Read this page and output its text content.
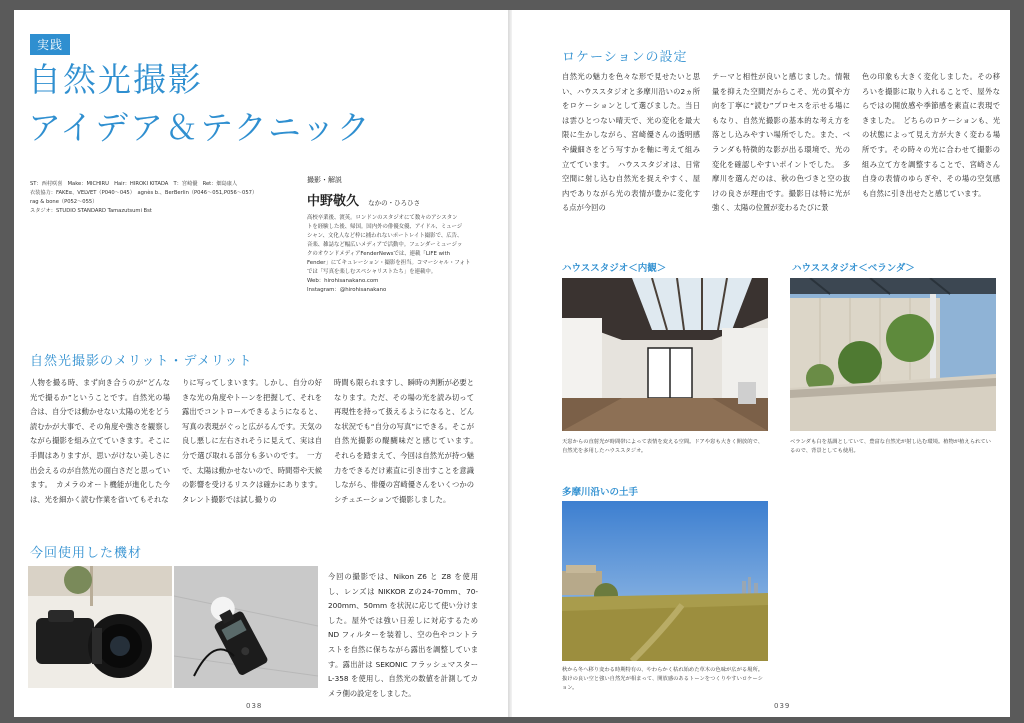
実践
自然光撮影
アイデア＆テクニック
ST：西村咲喜　Make：MICHIRU　Hair：HIROKI KITADA　T：宮崎優　Ret：畑島康人
衣装協力：FAKEα、VELVET（P040〜045）　agnès b.、BerBerlin（P046〜051,P056〜057）
rag & bone（P052〜055）
スタジオ：STUDIO STANDARD Tamazutsumi Bst
撮影・解説
中野敬久 なかの・ひろひさ
高校卒業後、渡英。ロンドンのスタジオにて数々のアシスタン
トを経験した後、帰国。国内外の俳優女優、アイドル、ミュージ
シャン、文化人など枠に捕われないポートレイト撮影で、広告、
音楽、雑誌など幅広いメディアで活動中。フェンダーミュージッ
クのオウンドメディアFenderNewsでは、連載「LIFE with
Fender」にてキュレーション・撮影を担当。コマーシャル・フォト
では「写真を楽しむスペシャリストたち」を連載中。
Web：hirohisanakano.com
Instagram：@hirohisanakano
自然光撮影のメリット・デメリット
人物を撮る時、まず向き合うのが“どんな光で撮るか”ということです。自然光の場合は、自分では動かせない太陽の光をどう読むかが大事で、その角度や強さを観察しながら撮影を組み立てていきます。そこに手間はありますが、思いがけない美しさに出会えるのが自然光の面白さだと思っています。　カメラのオート機能が進化した今は、光を細かく読む作業を省いてもそれな
りに写ってしまいます。しかし、自分の好きな光の角度やトーンを把握して、それを露出でコントロールできるようになると、写真の表現がぐっと広がるんです。天気の良し悪しに左右されそうに見えて、実は自分で選び取れる部分も多いのです。　一方で、太陽は動かせないので、時間帯や天候の影響を受けるリスクは確かにあります。タレント撮影では試し撮りの
時間も限られますし、瞬時の判断が必要となります。ただ、その場の光を読み切って再現性を持って扱えるようになると、どんな状況でも“自分の写真”にできる。そこが自然光撮影の醍醐味だと感じています。　それらを踏まえて、今回は自然光が持つ魅力をできるだけ素直に引き出すことを意識しながら、俳優の宮崎優さんをいくつかのシチュエーションで撮影しました。
今回使用した機材
今回の撮影では、Nikon Z6 と Z8 を使用し、レンズは NIKKOR Zの24-70mm、70-200mm、50mm を状況に応じて使い分けました。屋外では強い日差しに対応するため ND フィルターを装着し、空の色やコントラストを自然に保ちながら露出を調整しています。露出計は SEKONIC フラッシュマスター L-358 を使用し、自然光の数値を計測してカメラ側の設定をしました。
038
ロケーションの設定
自然光の魅力を色々な形で見せたいと思い、ハウススタジオと多摩川沿いの2ヵ所をロケーションとして選びました。当日は雲ひとつない晴天で、光の変化を最大限に生かしながら、宮崎優さんの透明感や繊細さをどう写すかを軸に考えて組み立てています。　ハウススタジオは、日常空間に射し込む自然光を捉えやすく、屋内でありながら光の表情が豊かに変化する点が今回の
テーマと相性が良いと感じました。情報量を抑えた空間だからこそ、光の質や方向を丁寧に“読む”プロセスを示せる場にもなり、自然光撮影の基本的な考え方を落とし込みやすい場所でした。また、ベランダも特徴的な影が出る環境で、光の変化を確認しやすいポイントでした。　多摩川を選んだのは、秋の色づきと空の抜けの良さが理由です。撮影日は特に光が強く、太陽の位置が変わるたびに景
色の印象も大きく変化しました。その移ろいを撮影に取り入れることで、屋外ならではの開放感や季節感を素直に表現できました。　どちらのロケーションも、光の状態によって見え方が大きく変わる場所です。その時々の光に合わせて撮影の組み立て方を調整することで、宮崎さん自身の表情のゆらぎや、その場の空気感も自然に引き出せたと感じています。
ハウススタジオ＜内観＞
天窓からの直射光が時間帯によって表情を変える空間。ドアや窓も大きく開放的で、自然光を多用したハウススタジオ。
ハウススタジオ＜ベランダ＞
ベランダも白を基調としていて、豊富な自然光が射し込む環境。植物が植えられているので、背景としても使用。
多摩川沿いの土手
秋から冬へ移り変わる時期特有の、やわらかく枯れ始めた草木の色味が広がる場所。抜けの良い空と強い自然光が相まって、開放感のあるトーンをつくりやすいロケーション。
039
